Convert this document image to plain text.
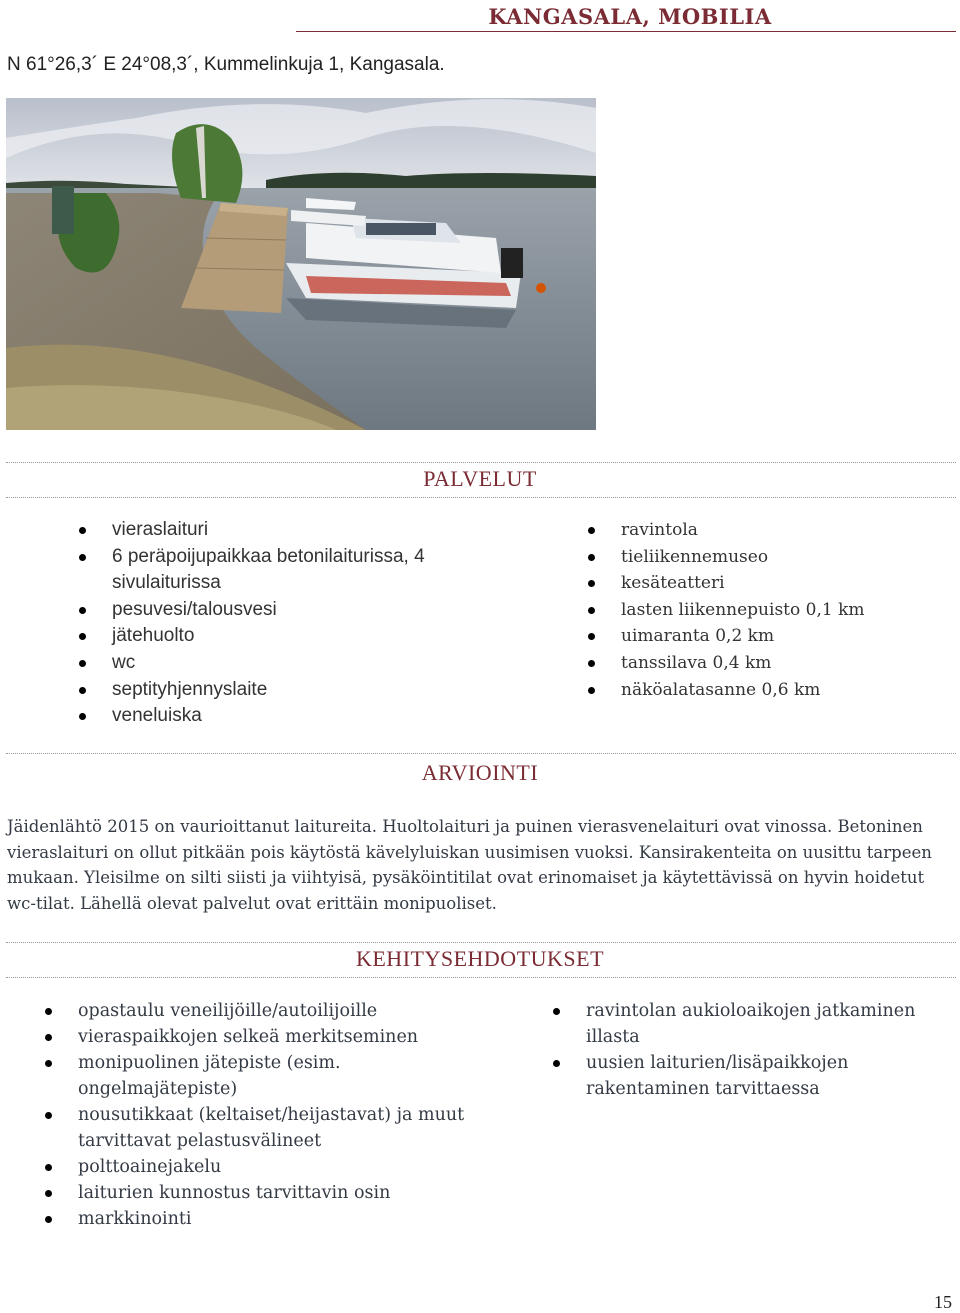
KANGASALA, MOBILIA
N 61°26,3´ E 24°08,3´, Kummelinkuja 1, Kangasala.
PALVELUT
vieraslaituri
6 peräpoijupaikkaa betonilaiturissa, 4 sivulaiturissa
pesuvesi/talousvesi
jätehuolto
wc
septityhjennyslaite
veneluiska
ravintola
tieliikennemuseo
kesäteatteri
lasten liikennepuisto 0,1 km
uimaranta 0,2 km
tanssilava 0,4 km
näköalatasanne 0,6 km
ARVIOINTI
Jäidenlähtö 2015 on vaurioittanut laitureita. Huoltolaituri ja puinen vierasvenelaituri ovat vinossa. Betoninen vieraslaituri on ollut pitkään pois käytöstä kävelyluiskan uusimisen vuoksi. Kansirakenteita on uusittu tarpeen mukaan. Yleisilme on silti siisti ja viihtyisä, pysäköintitilat ovat erinomaiset ja käytettävissä on hyvin hoidetut wc-tilat. Lähellä olevat palvelut ovat erittäin monipuoliset.
KEHITYSEHDOTUKSET
opastaulu veneilijöille/autoilijoille
vieraspaikkojen selkeä merkitseminen
monipuolinen jätepiste (esim. ongelmajätepiste)
nousutikkaat (keltaiset/heijastavat) ja muut tarvittavat pelastusvälineet
polttoainejakelu
laiturien kunnostus tarvittavin osin
markkinointi
ravintolan aukioloaikojen jatkaminen illasta
uusien laiturien/lisäpaikkojen rakentaminen tarvittaessa
15
